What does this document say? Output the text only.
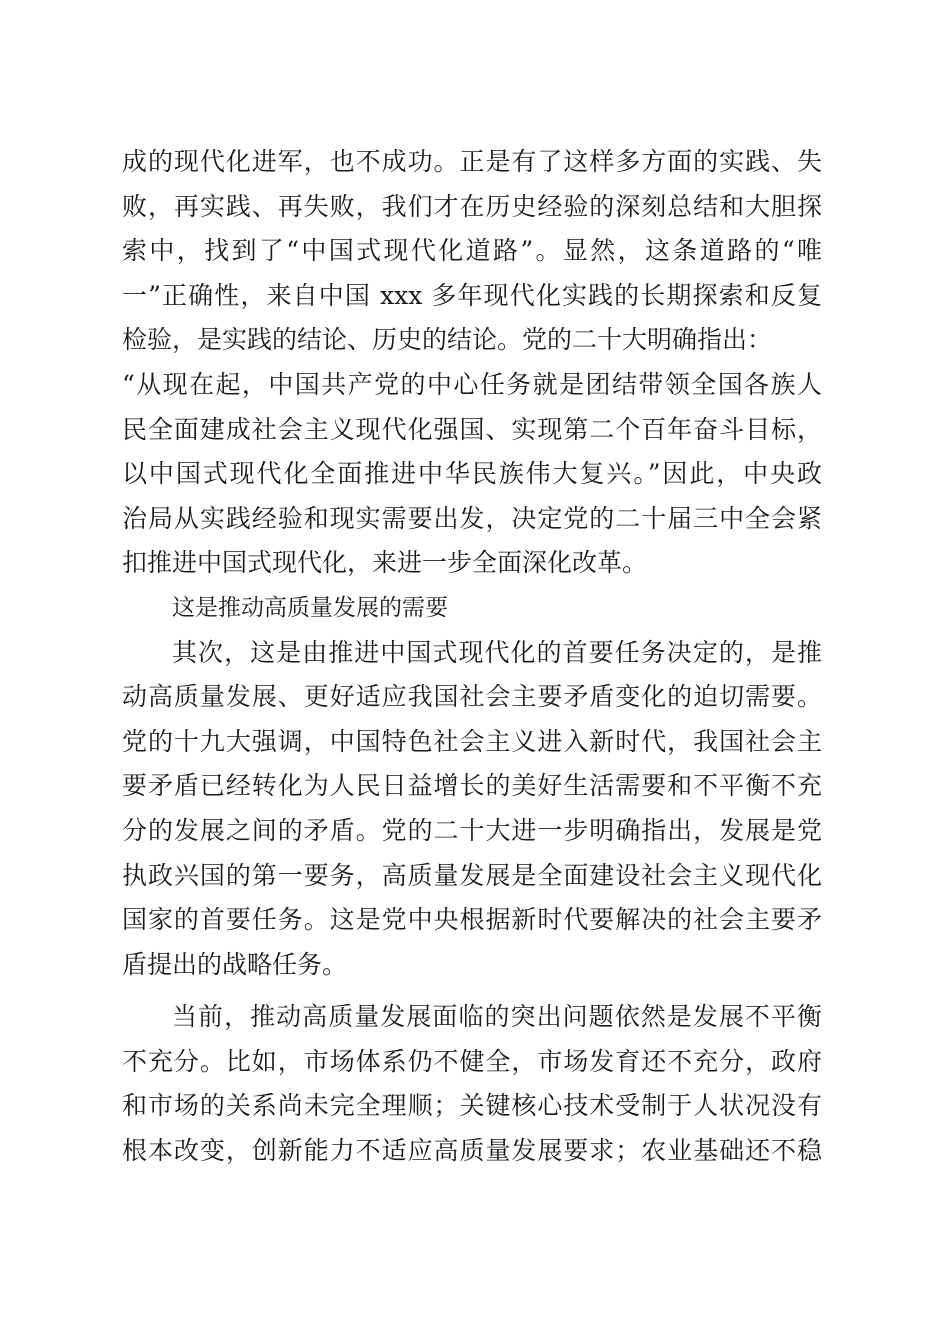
成的现代化进军，也不成功。正是有了这样多方面的实践、失
败，再实践、再失败，我们才在历史经验的深刻总结和大胆探
索中，找到了“中国式现代化道路”。显然，这条道路的“唯
一”正确性，来自中国 xxx 多年现代化实践的长期探索和反复
检验，是实践的结论、历史的结论。党的二十大明确指出：
“从现在起，中国共产党的中心任务就是团结带领全国各族人
民全面建成社会主义现代化强国、实现第二个百年奋斗目标，
以中国式现代化全面推进中华民族伟大复兴。”因此，中央政
治局从实践经验和现实需要出发，决定党的二十届三中全会紧
扣推进中国式现代化，来进一步全面深化改革。
这是推动高质量发展的需要
其次，这是由推进中国式现代化的首要任务决定的，是推
动高质量发展、更好适应我国社会主要矛盾变化的迫切需要。
党的十九大强调，中国特色社会主义进入新时代，我国社会主
要矛盾已经转化为人民日益增长的美好生活需要和不平衡不充
分的发展之间的矛盾。党的二十大进一步明确指出，发展是党
执政兴国的第一要务，高质量发展是全面建设社会主义现代化
国家的首要任务。这是党中央根据新时代要解决的社会主要矛
盾提出的战略任务。
当前，推动高质量发展面临的突出问题依然是发展不平衡
不充分。比如，市场体系仍不健全，市场发育还不充分，政府
和市场的关系尚未完全理顺；关键核心技术受制于人状况没有
根本改变，创新能力不适应高质量发展要求；农业基础还不稳
